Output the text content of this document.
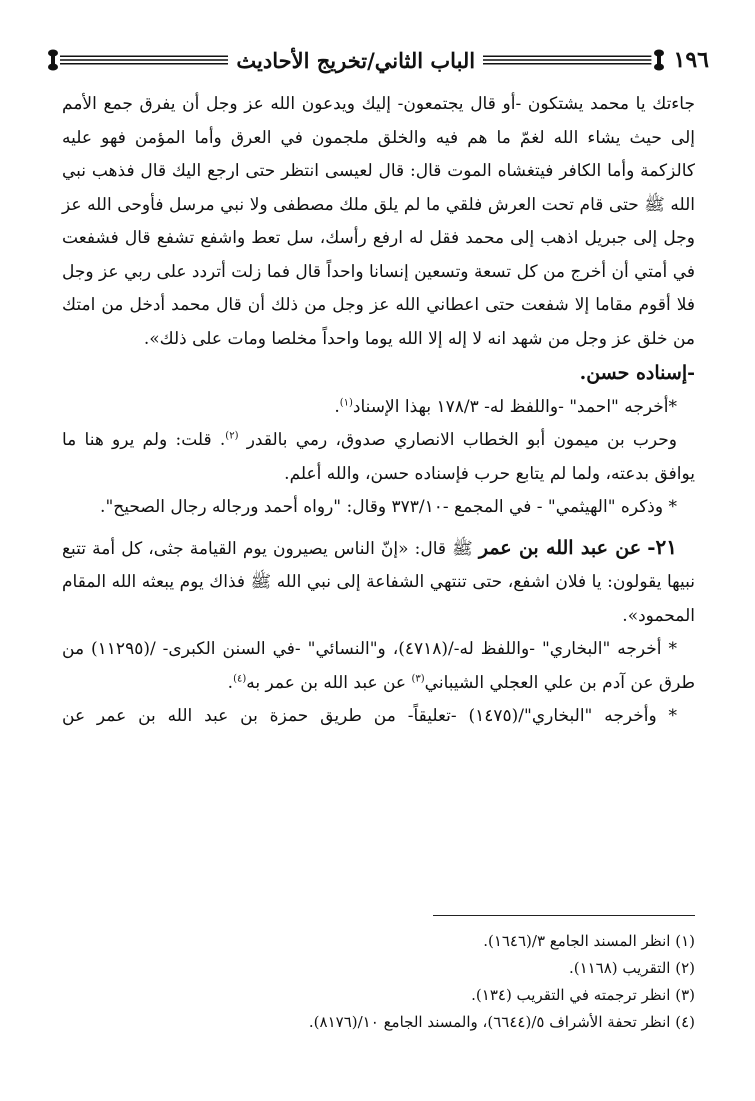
١٩٦
الباب الثاني/تخريج الأحاديث

جاءتك يا محمد يشتكون -أو قال يجتمعون- إليك ويدعون الله عز وجل أن يفرق جمع الأمم إلى حيث يشاء الله لغمّ ما هم فيه والخلق ملجمون في العرق وأما المؤمن فهو عليه كالزكمة وأما الكافر فيتغشاه الموت قال: قال لعيسى انتظر حتى ارجع اليك قال فذهب نبي الله ﷺ حتى قام تحت العرش فلقي ما لم يلق ملك مصطفى ولا نبي مرسل فأوحى الله عز وجل إلى جبريل اذهب إلى محمد فقل له ارفع رأسك، سل تعط واشفع تشفع قال فشفعت في أمتي أن أخرج من كل تسعة وتسعين إنسانا واحداً قال فما زلت أتردد على ربي عز وجل فلا أقوم مقاما إلا شفعت حتى اعطاني الله عز وجل من ذلك أن قال محمد أدخل من امتك من خلق عز وجل من شهد انه لا إله إلا الله يوما واحداً مخلصا ومات على ذلك».

-إسناده حسن.

*أخرجه "احمد" -واللفظ له- ١٧٨/٣ بهذا الإسناد$^{(١)}$.

وحرب بن ميمون أبو الخطاب الانصاري صدوق، رمي بالقدر $^{(٢)}$. قلت: ولم يرو هنا ما يوافق بدعته، ولما لم يتابع حرب فإسناده حسن، والله أعلم.

* وذكره "الهيثمي" - في المجمع -٣٧٣/١٠ وقال: "رواه أحمد ورجاله رجال الصحيح".

٢١- عن عبد الله بن عمر ﷺ قال: «إنّ الناس يصيرون يوم القيامة جثى، كل أمة تتبع نبيها يقولون: يا فلان اشفع، حتى تنتهي الشفاعة إلى نبي الله ﷺ فذاك يوم يبعثه الله المقام المحمود».

* أخرجه "البخاري" -واللفظ له-/(٤٧١٨)، و"النسائي" -في السنن الكبرى- /(١١٢٩٥) من طرق عن آدم بن علي العجلي الشيباني$^{(٣)}$ عن عبد الله بن عمر به$^{(٤)}$.

* وأخرجه "البخاري"/(١٤٧٥) -تعليقاً- من طريق حمزة بن عبد الله بن عمر عن

(١) انظر المسند الجامع ٣/(١٦٤٦).
(٢) التقريب (١١٦٨).
(٣) انظر ترجمته في التقريب (١٣٤).
(٤) انظر تحفة الأشراف ٥/(٦٦٤٤)، والمسند الجامع ١٠/(٨١٧٦).
